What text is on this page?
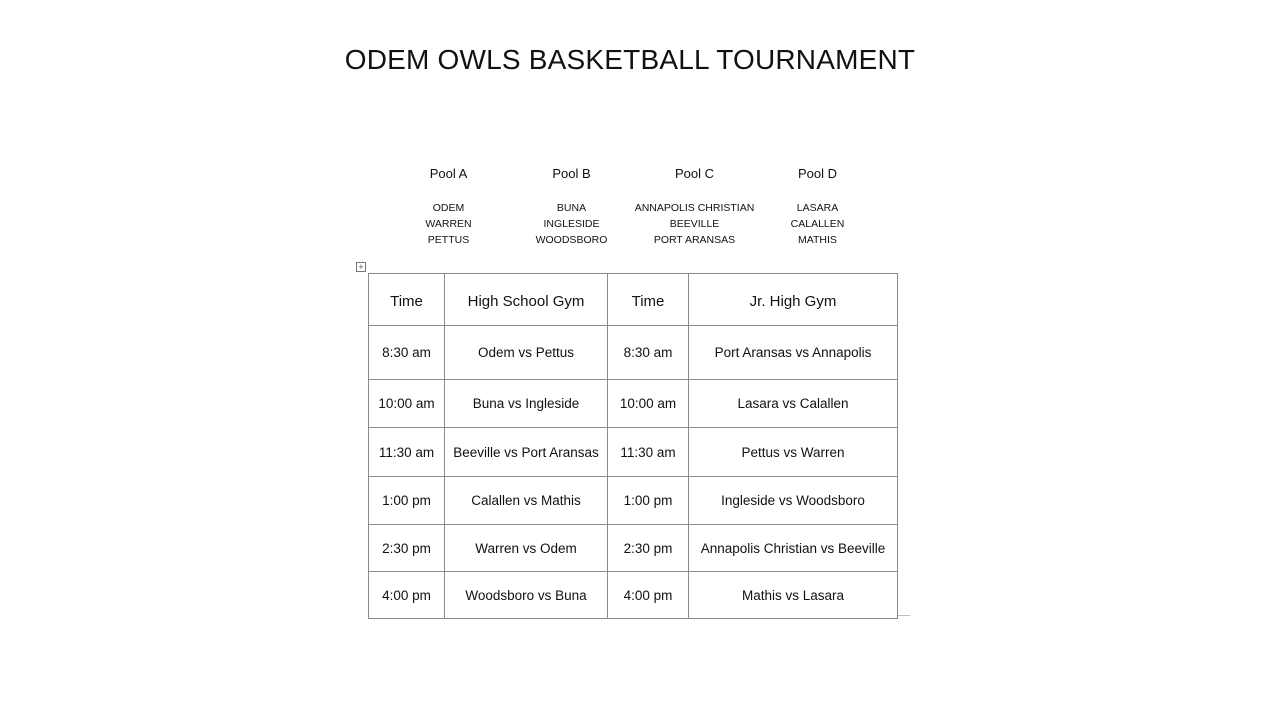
ODEM OWLS BASKETBALL TOURNAMENT
Pool A
ODEM
WARREN
PETTUS
Pool B
BUNA
INGLESIDE
WOODSBORO
Pool C
ANNAPOLIS CHRISTIAN
BEEVILLE
PORT ARANSAS
Pool D
LASARA
CALALLEN
MATHIS
+
Time	High School Gym	Time	Jr. High Gym
8:30 am	Odem vs Pettus	8:30 am	Port Aransas vs Annapolis
10:00 am	Buna vs Ingleside	10:00 am	Lasara vs Calallen
11:30 am	Beeville vs Port Aransas	11:30 am	Pettus vs Warren
1:00 pm	Calallen vs Mathis	1:00 pm	Ingleside vs Woodsboro
2:30 pm	Warren vs Odem	2:30 pm	Annapolis Christian vs Beeville
4:00 pm	Woodsboro vs Buna	4:00 pm	Mathis vs Lasara
